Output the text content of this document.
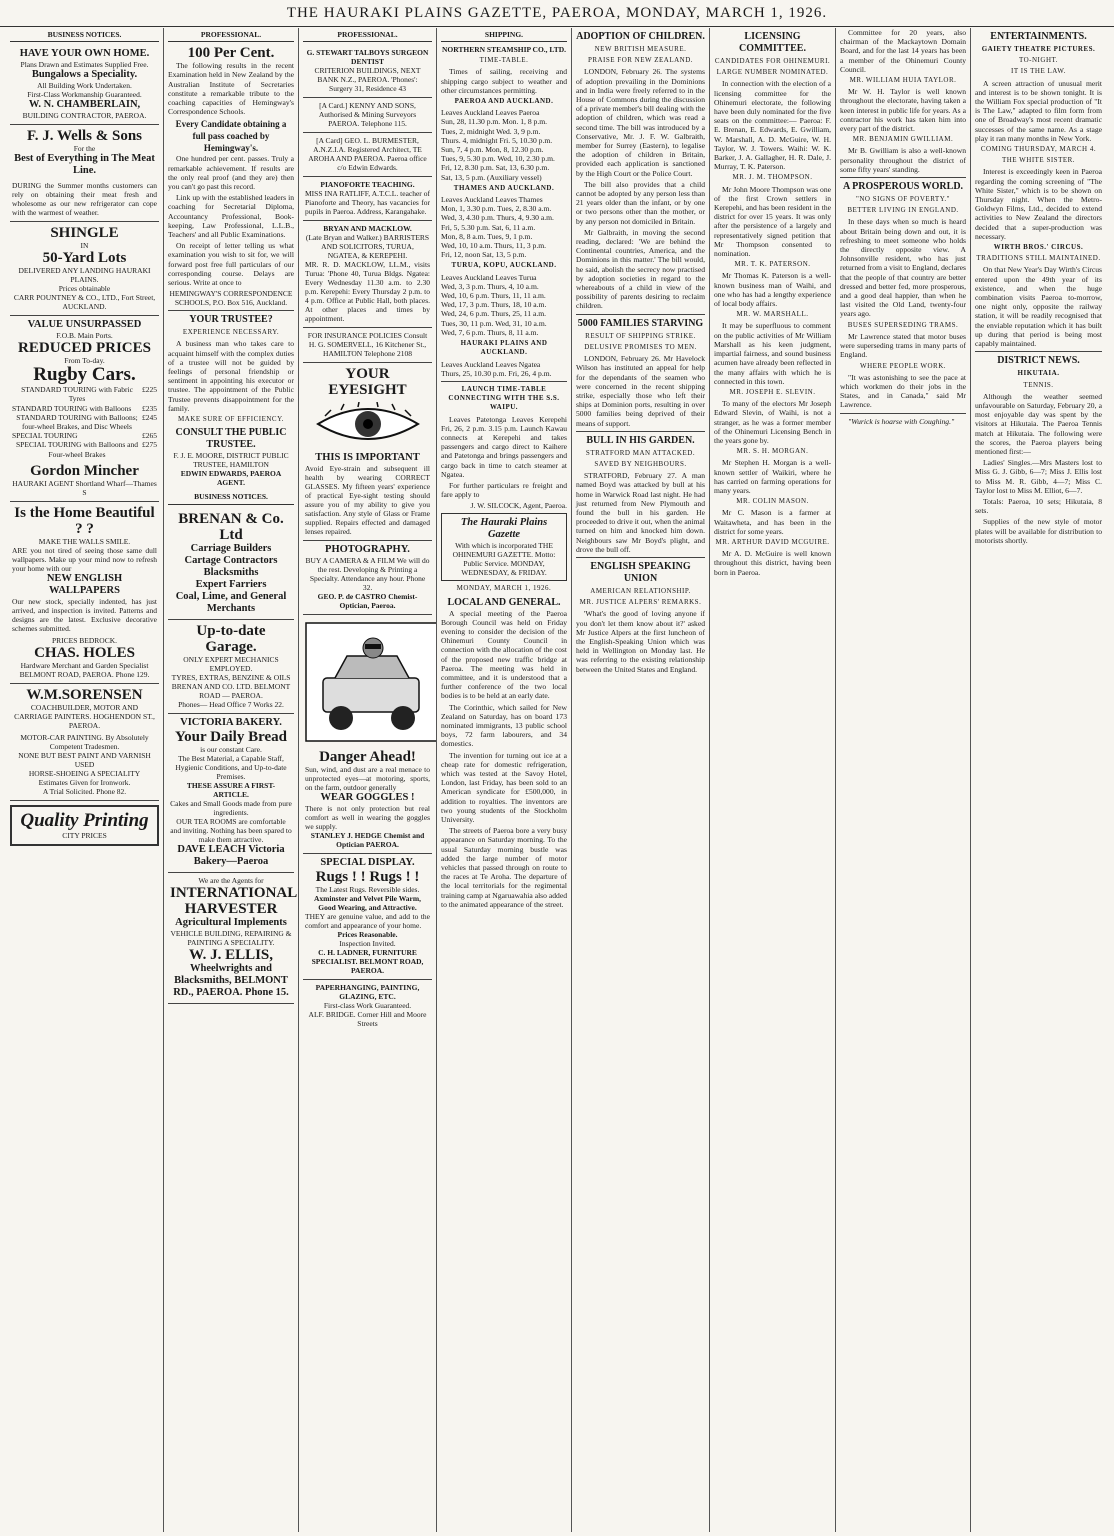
THE HAURAKI PLAINS GAZETTE, PAEROA, MONDAY, MARCH 1, 1926.
BUSINESS NOTICES.
HAVE YOUR OWN HOME.
Plans Drawn and Estimates Supplied Free.
Bungalows a Speciality.
All Building Work Undertaken.
First-Class Workmanship Guaranteed.
W. N. CHAMBERLAIN,
BUILDING CONTRACTOR, PAEROA.
F. J. Wells & Sons
For the
Best of Everything in The Meat Line.
DURING the Summer months customers can rely on obtaining their meat fresh and wholesome as our new refrigerator can cope with the warmest of weather.
SHINGLE
IN
50-Yard Lots
DELIVERED ANY LANDING HAURAKI PLAINS.
Prices obtainable
CARR POUNTNEY & CO., LTD., Fort Street, AUCKLAND.
VALUE UNSURPASSED
F.O.B. Main Ports.
REDUCED PRICES
From To-day.
Rugby Cars.
STANDARD TOURING with Fabric Tyres
£225
STANDARD TOURING with Balloons £235
STANDARD TOURING with Balloons; four-wheel Brakes, and Disc Wheels
£245
SPECIAL TOURING	£265
SPECIAL TOURING with Balloons and Four-wheel Brakes
£275
Gordon Mincher
HAURAKI AGENT Shortland Wharf—Thames S
Is the Home Beautiful ? ?
MAKE THE WALLS SMILE.
ARE you not tired of seeing those same dull wallpapers. Make up your mind now to refresh your home with our
NEW ENGLISH WALLPAPERS
Our new stock, specially indented, has just arrived, and inspection is invited. Patterns and designs are the latest. Exclusive decorative schemes submitted.
PRICES BEDROCK.
CHAS. HOLES
Hardware Merchant and Garden Specialist BELMONT ROAD, PAEROA. Phone 129.
W.M.SORENSEN
COACHBUILDER, MOTOR AND CARRIAGE PAINTERS. HOGHENDON ST., PAEROA.
MOTOR-CAR PAINTING. By Absolutely Competent Tradesmen.
NONE BUT BEST PAINT AND VARNISH USED
HORSE-SHOEING A SPECIALITY
Estimates Given for Ironwork.
A Trial Solicited. Phone 82.
Quality Printing
CITY PRICES
PROFESSIONAL.
100 Per Cent.

The following results in the recent Examination held in New Zealand by the Australian Institute of Secretaries constitute a remarkable tribute to the coaching capacities of Hemingway's Correspondence Schools.

Every Candidate obtaining a full pass coached by Hemingway's.

One hundred per cent. passes. Truly a remarkable achievement. If results are the only real proof (and they are) then you can't go past this record.

Link up with the established leaders in coaching for Secretarial Diploma, Accountancy Professional, Book-keeping, Law Professional, L.L.B., Teachers' and all Public Examinations.

On receipt of letter telling us what examination you wish to sit for, we will forward post free full particulars of our corresponding course. Delays are serious. Write at once to

HEMINGWAY'S CORRESPONDENCE SCHOOLS, P.O. Box 516, Auckland.
YOUR TRUSTEE?
EXPERIENCE NECESSARY.

A business man who takes care to acquaint himself with the complex duties of a trustee will not be guided by feelings of personal friendship or sentiment in appointing his executor or trustee. The appointment of the Public Trustee prevents disappointment for the family.

MAKE SURE OF EFFICIENCY.
CONSULT THE PUBLIC TRUSTEE.
F. J. E. MOORE, DISTRICT PUBLIC TRUSTEE, HAMILTON
EDWIN EDWARDS, PAEROA AGENT.
BUSINESS NOTICES.
BRENAN & Co. Ltd
Carriage Builders
Cartage Contractors
Blacksmiths
Expert Farriers
Coal, Lime, and General Merchants
Up-to-date Garage.
ONLY EXPERT MECHANICS EMPLOYED.
TYRES, EXTRAS, BENZINE & OILS
BRENAN AND CO. LTD. BELMONT ROAD — PAEROA.
Phones— Head Office 7 Works 22.
VICTORIA BAKERY.
Your Daily Bread
is our constant Care.
The Best Material, a Capable Staff, Hygienic Conditions, and Up-to-date Premises.
THESE ASSURE A FIRST-ARTICLE.
Cakes and Small Goods made from pure ingredients.
OUR TEA ROOMS are comfortable and inviting. Nothing has been spared to make them attractive.
DAVE LEACH Victoria Bakery—Paeroa
We are the Agents for
INTERNATIONAL HARVESTER
Agricultural Implements
VEHICLE BUILDING, REPAIRING & PAINTING A SPECIALITY.
W. J. ELLIS,
Wheelwrights and Blacksmiths, BELMONT RD., PAEROA. Phone 15.
PROFESSIONAL.
G. STEWART TALBOYS SURGEON DENTIST
CRITERION BUILDINGS, NEXT BANK N.Z., PAEROA. 'Phones': Surgery 31, Residence 43
[A Card.] KENNY AND SONS, Authorised & Mining Surveyors PAEROA. Telephone 115.
[A Card] GEO. L. BURMESTER, A.N.Z.I.A. Registered Architect, TE AROHA AND PAEROA. Paeroa office c/o Edwin Edwards.
PIANOFORTE TEACHING.
MISS INA RATLIFF, A.T.C.L. teacher of Pianoforte and Theory, has vacancies for pupils in Paeroa. Address, Karangahake.
BRYAN AND MACKLOW.
(Late Bryan and Walker.) BARRISTERS AND SOLICITORS, TURUA, NGATEA, & KEREPEHI.
MR. R. D. MACKLOW, LL.M., visits Turua: 'Phone 40, Turua Bldgs. Ngatea: Every Wednesday 11.30 a.m. to 2.30 p.m. Kerepehi: Every Thursday 2 p.m. to 4 p.m. Office at Public Hall, both places. At other places and times by appointment.
FOR INSURANCE POLICIES Consult H. G. SOMERVELL, 16 Kitchener St., HAMILTON Telephone 2108
YOUR EYESIGHT
THIS IS IMPORTANT
Avoid Eye-strain and subsequent ill health by wearing CORRECT GLASSES. My fifteen years' experience of practical Eye-sight testing should assure you of my ability to give you satisfaction. Any style of Glass or Frame supplied. Repairs effected and damaged lenses repaired.
PHOTOGRAPHY.
BUY A CAMERA & A FILM We will do the rest. Developing & Printing a Specialty. Attendance any hour. Phone 32.
GEO. P. de CASTRO Chemist-Optician, Paeroa.
Danger Ahead!
Sun, wind, and dust are a real menace to unprotected eyes—at motoring, sports, on the farm, outdoor generally
WEAR GOGGLES !
There is not only protection but real comfort as well in wearing the goggles we supply.
STANLEY J. HEDGE Chemist and Optician PAEROA.
SPECIAL DISPLAY.
Rugs ! ! Rugs ! !
The Latest Rugs. Reversible sides.
Axminster and Velvet Pile Warm, Good Wearing, and Attractive.
THEY are genuine value, and add to the comfort and appearance of your home.
Prices Reasonable.
Inspection Invited.
C. H. LADNER, FURNITURE SPECIALIST. BELMONT ROAD, PAEROA.
PAPERHANGING, PAINTING, GLAZING, ETC.
First-class Work Guaranteed.
ALF. BRIDGE. Corner Hill and Moore Streets
SHIPPING.
NORTHERN STEAMSHIP CO., LTD.
TIME-TABLE.

Times of sailing, receiving and shipping cargo subject to weather and other circumstances permitting.

PAEROA AND AUCKLAND.
Leaves Auckland Leaves Paeroa
Sun, 28, 11.30 p.m. Mon. 1, 8 p.m.
Tues, 2, midnight Wed. 3, 9 p.m.
Thurs. 4, midnight Fri. 5, 10.30 p.m.
Sun, 7, 4 p.m. Mon, 8, 12.30 p.m.
Tues, 9, 5.30 p.m. Wed, 10, 2.30 p.m.
Fri, 12, 8.30 p.m. Sat, 13, 6.30 p.m.
Sat, 13, 5 p.m. (Auxiliary vessel)
THAMES AND AUCKLAND.
Leaves Auckland Leaves Thames
Mon, 1, 3.30 p.m. Tues, 2, 8.30 a.m.
Wed, 3, 4.30 p.m. Thurs, 4, 9.30 a.m.
Fri, 5, 5.30 p.m. Sat, 6, 11 a.m.
Mon, 8, 8 a.m. Tues, 9, 1 p.m.
Wed, 10, 10 a.m. Thurs, 11, 3 p.m.
Fri, 12, noon Sat, 13, 5 p.m.
TURUA, KOPU, AUCKLAND.
Leaves Auckland Leaves Turua
Wed, 3, 3 p.m. Thurs, 4, 10 a.m.
Wed, 10, 6 p.m. Thurs, 11, 11 a.m.
Wed, 17, 3 p.m. Thurs, 18, 10 a.m.
Wed, 24, 6 p.m. Thurs, 25, 11 a.m.
Tues, 30, 11 p.m. Wed, 31, 10 a.m.
Wed, 7, 6 p.m. Thurs, 8, 11 a.m.
HAURAKI PLAINS AND AUCKLAND.
Leaves Auckland Leaves Ngatea
Thurs, 25, 10.30 p.m. Fri, 26, 4 p.m.
LAUNCH TIME-TABLE CONNECTING WITH THE S.S. WAIPU.

Leaves Patetonga Leaves Kerepehi Fri, 26, 2 p.m. 3.15 p.m. Launch Kawau connects at Kerepehi and takes passengers and cargo direct to Kaihere and Patetonga and brings passengers and cargo back in time to catch steamer at Ngatea.

For further particulars re freight and fare apply to

J. W. SILCOCK, Agent, Paeroa.
The Hauraki Plains Gazette
With which is incorporated THE OHINEMURI GAZETTE. Motto: Public Service. MONDAY, WEDNESDAY, & FRIDAY.
MONDAY, MARCH 1, 1926.
LOCAL AND GENERAL.

A special meeting of the Paeroa Borough Council was held on Friday evening to consider the decision of the Ohinemuri County Council in connection with the allocation of the cost of the proposed new traffic bridge at Paeroa. The meeting was held in committee, and it is understood that a further conference of the two local bodies is to be held at an early date.

The Corinthic, which sailed for New Zealand on Saturday, has on board 173 nominated immigrants, 13 public school boys, 72 farm labourers, and 34 domestics.

The invention for turning out ice at a cheap rate for domestic refrigeration, which was tested at the Savoy Hotel, London, last Friday, has been sold to an American syndicate for £500,000, in addition to royalties. The inventors are two young students of the Stockholm University.

The streets of Paeroa bore a very busy appearance on Saturday morning. To the usual Saturday morning bustle was added the large number of motor vehicles that passed through on route to the races at Te Aroha. The departure of the local territorials for the regimental training camp at Ngaruawahia also added to the animated appearance of the street.

ADOPTION OF CHILDREN.
NEW BRITISH MEASURE.
PRAISE FOR NEW ZEALAND.

LONDON, February 26. The systems of adoption prevailing in the Dominions and in India were freely referred to in the House of Commons during the discussion of a private member's bill dealing with the adoption of children, which was read a second time. The bill was introduced by a Conservative, Mr. J. F. W. Galbraith, member for Surrey (Eastern), to legalise the adoption of children in Britain, provided each application is sanctioned by the High Court or the Police Court.

The bill also provides that a child cannot be adopted by any person less than 21 years older than the infant, or by one or two persons other than the mother, or by any person not domiciled in Britain.

Mr Galbraith, in moving the second reading, declared: 'We are behind the Continental countries, America, and the Dominions in this matter.' The bill would, he said, abolish the secrecy now practised by adoption societies in regard to the whereabouts of a child in view of the possibility of parents desiring to reclaim children.

5000 FAMILIES STARVING
RESULT OF SHIPPING STRIKE.
DELUSIVE PROMISES TO MEN.

LONDON, February 26. Mr Havelock Wilson has instituted an appeal for help for the dependants of the seamen who were concerned in the recent shipping strike, especially those who left their ships at Dominion ports, resulting in over 5000 families being deprived of their means of support.

BULL IN HIS GARDEN.
STRATFORD MAN ATTACKED.
SAVED BY NEIGHBOURS.

STRATFORD, February 27. A man named Boyd was attacked by bull at his home in Warwick Road last night. He had just returned from New Plymouth and found the bull in his garden. He proceeded to drive it out, when the animal turned on him and knocked him down. Neighbours saw Mr Boyd's plight, and drove the bull off.

ENGLISH SPEAKING UNION
AMERICAN RELATIONSHIP.
MR. JUSTICE ALPERS' REMARKS.

'What's the good of loving anyone if you don't let them know about it?' asked Mr Justice Alpers at the first luncheon of the English-Speaking Union which was held in Wellington on Monday last. He was referring to the existing relationship between the United States and England.

LICENSING COMMITTEE.
CANDIDATES FOR OHINEMURI.
LARGE NUMBER NOMINATED.

In connection with the election of a licensing committee for the Ohinemuri electorate, the following have been duly nominated for the five seats on the committee:— Paeroa: F. E. Brenan, E. Edwards, E. Gwilliam, W. Marshall, A. D. McGuire, W. H. Taylor, W. J. Towers. Waihi: W. K. Barker, J. A. Gallagher, H. R. Dale, J. Murray, T. K. Paterson.

MR. J. M. THOMPSON.

Mr John Moore Thompson was one of the first Crown settlers in Kerepehi, and has been resident in the district for over 15 years. It was only after the persistence of a largely and representatively signed petition that Mr Thompson consented to nomination.

MR. T. K. PATERSON.

Mr Thomas K. Paterson is a well-known business man of Waihi, and one who has had a lengthy experience of local body affairs.

MR. W. MARSHALL.

It may be superfluous to comment on the public activities of Mr William Marshall as his keen judgment, impartial fairness, and sound business acumen have already been reflected in the many affairs with which he is connected in this town.

MR. JOSEPH E. SLEVIN.

To many of the electors Mr Joseph Edward Slevin, of Waihi, is not a stranger, as he was a former member of the Ohinemuri Licensing Bench in the years gone by.

MR. S. H. MORGAN.

Mr Stephen H. Morgan is a well-known settler of Waikiri, where he has carried on farming operations for many years.

MR. COLIN MASON.

Mr C. Mason is a farmer at Waitawheta, and has been in the district for some years.

MR. ARTHUR DAVID MCGUIRE.

Mr A. D. McGuire is well known throughout this district, having been born in Paeroa.

Committee for 20 years, also chairman of the Mackaytown Domain Board, and for the last 14 years has been a member of the Ohinemuri County Council.

MR. WILLIAM HUIA TAYLOR.

Mr W. H. Taylor is well known throughout the electorate, having taken a keen interest in public life for years. As a contractor his work has taken him into every part of the district.

MR. BENJAMIN GWILLIAM.

Mr B. Gwilliam is also a well-known personality throughout the district of some fifty years' standing.

A PROSPEROUS WORLD.
"NO SIGNS OF POVERTY."
BETTER LIVING IN ENGLAND.

In these days when so much is heard about Britain being down and out, it is refreshing to meet someone who holds the directly opposite view. A Johnsonville resident, who has just returned from a visit to England, declares that the people of that country are better dressed and better fed, more prosperous, and a good deal happier, than when he last visited the Old Land, twenty-four years ago.

BUSES SUPERSEDING TRAMS.

Mr Lawrence stated that motor buses were superseding trams in many parts of England.

WHERE PEOPLE WORK.

"It was astonishing to see the pace at which workmen do their jobs in the States, and in Canada," said Mr Lawrence.

"Wurick is hoarse with Coughing."

ENTERTAINMENTS.
GAIETY THEATRE PICTURES.
TO-NIGHT.
IT IS THE LAW.

A screen attraction of unusual merit and interest is to be shown tonight. It is the William Fox special production of "It is The Law," adapted to film form from one of Broadway's most recent dramatic successes of the same name. As a stage play it ran many months in New York.

COMING THURSDAY, MARCH 4.
THE WHITE SISTER.

Interest is exceedingly keen in Paeroa regarding the coming screening of "The White Sister," which is to be shown on Thursday night. When the Metro-Goldwyn Films, Ltd., decided to extend activities to New Zealand the directors decided that a super-production was necessary.

WIRTH BROS.' CIRCUS.
TRADITIONS STILL MAINTAINED.

On that New Year's Day Wirth's Circus entered upon the 49th year of its existence, and when the huge combination visits Paeroa to-morrow, one night only, opposite the railway station, it will be readily recognised that the enviable reputation which it has built up during that period is being most capably maintained.

DISTRICT NEWS.
HIKUTAIA.
TENNIS.

Although the weather seemed unfavourable on Saturday, February 20, a most enjoyable day was spent by the visitors at Hikutaia. The Paeroa Tennis match at Hikutaia. The following were the scores, the Paeroa players being mentioned first:—

Ladies' Singles.—Mrs Masters lost to Miss G. J. Gibb, 6—7; Miss J. Ellis lost to Miss M. R. Gibb, 4—7; Miss C. Taylor lost to Miss M. Elliot, 6—7.

Totals: Paeroa, 10 sets; Hikutaia, 8 sets.

Supplies of the new style of motor plates will be available for distribution to motorists shortly.
